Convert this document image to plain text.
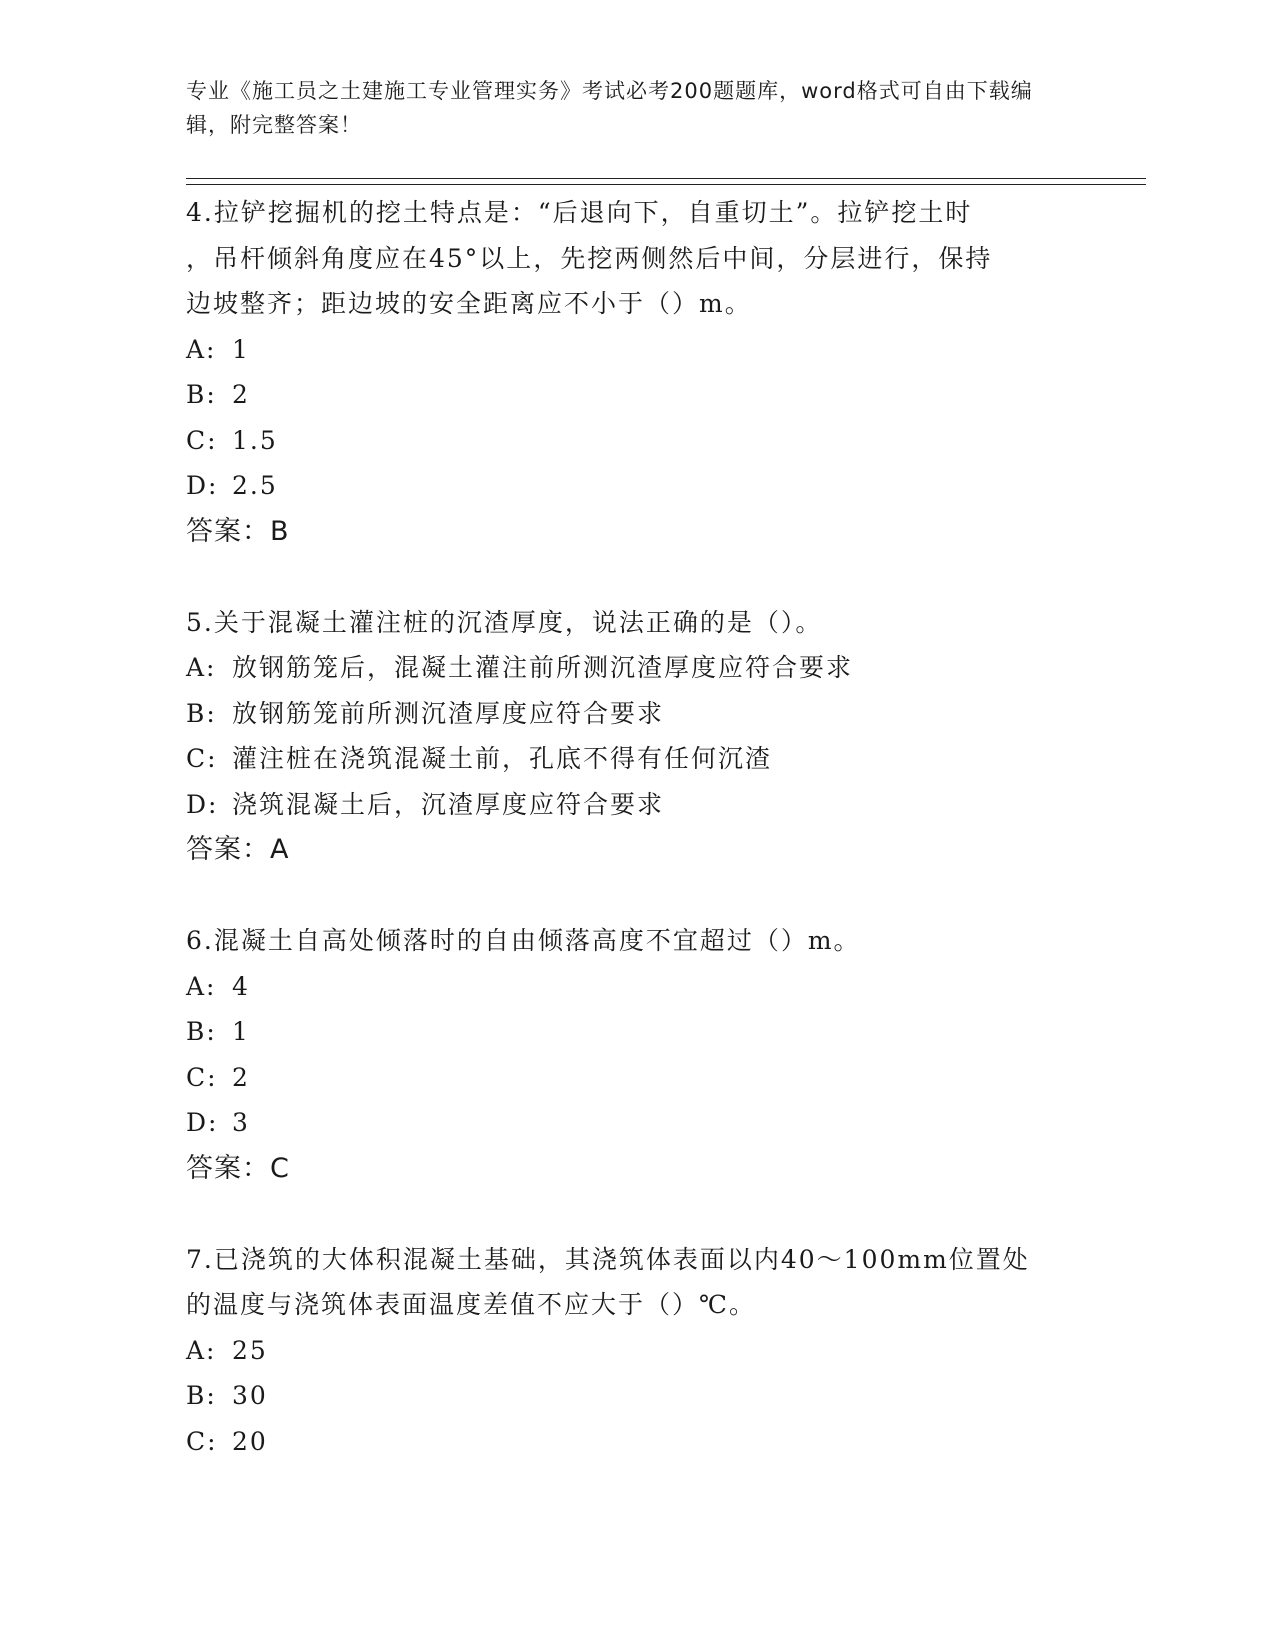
专业《施工员之土建施工专业管理实务》考试必考200题题库，word格式可自由下载编辑，附完整答案！

4.拉铲挖掘机的挖土特点是：“后退向下，自重切土”。拉铲挖土时

，吊杆倾斜角度应在45°以上，先挖两侧然后中间，分层进行，保持

边坡整齐；距边坡的安全距离应不小于（）m。

A: 1

B: 2

C: 1.5

D: 2.5

答案：B

5.关于混凝土灌注桩的沉渣厚度，说法正确的是（）。

A: 放钢筋笼后，混凝土灌注前所测沉渣厚度应符合要求

B: 放钢筋笼前所测沉渣厚度应符合要求

C: 灌注桩在浇筑混凝土前，孔底不得有任何沉渣

D: 浇筑混凝土后，沉渣厚度应符合要求

答案：A

6.混凝土自高处倾落时的自由倾落高度不宜超过（）m。

A: 4

B: 1

C: 2

D: 3

答案：C

7.已浇筑的大体积混凝土基础，其浇筑体表面以内40～100mm位置处

的温度与浇筑体表面温度差值不应大于（）℃。

A: 25

B: 30

C: 20
